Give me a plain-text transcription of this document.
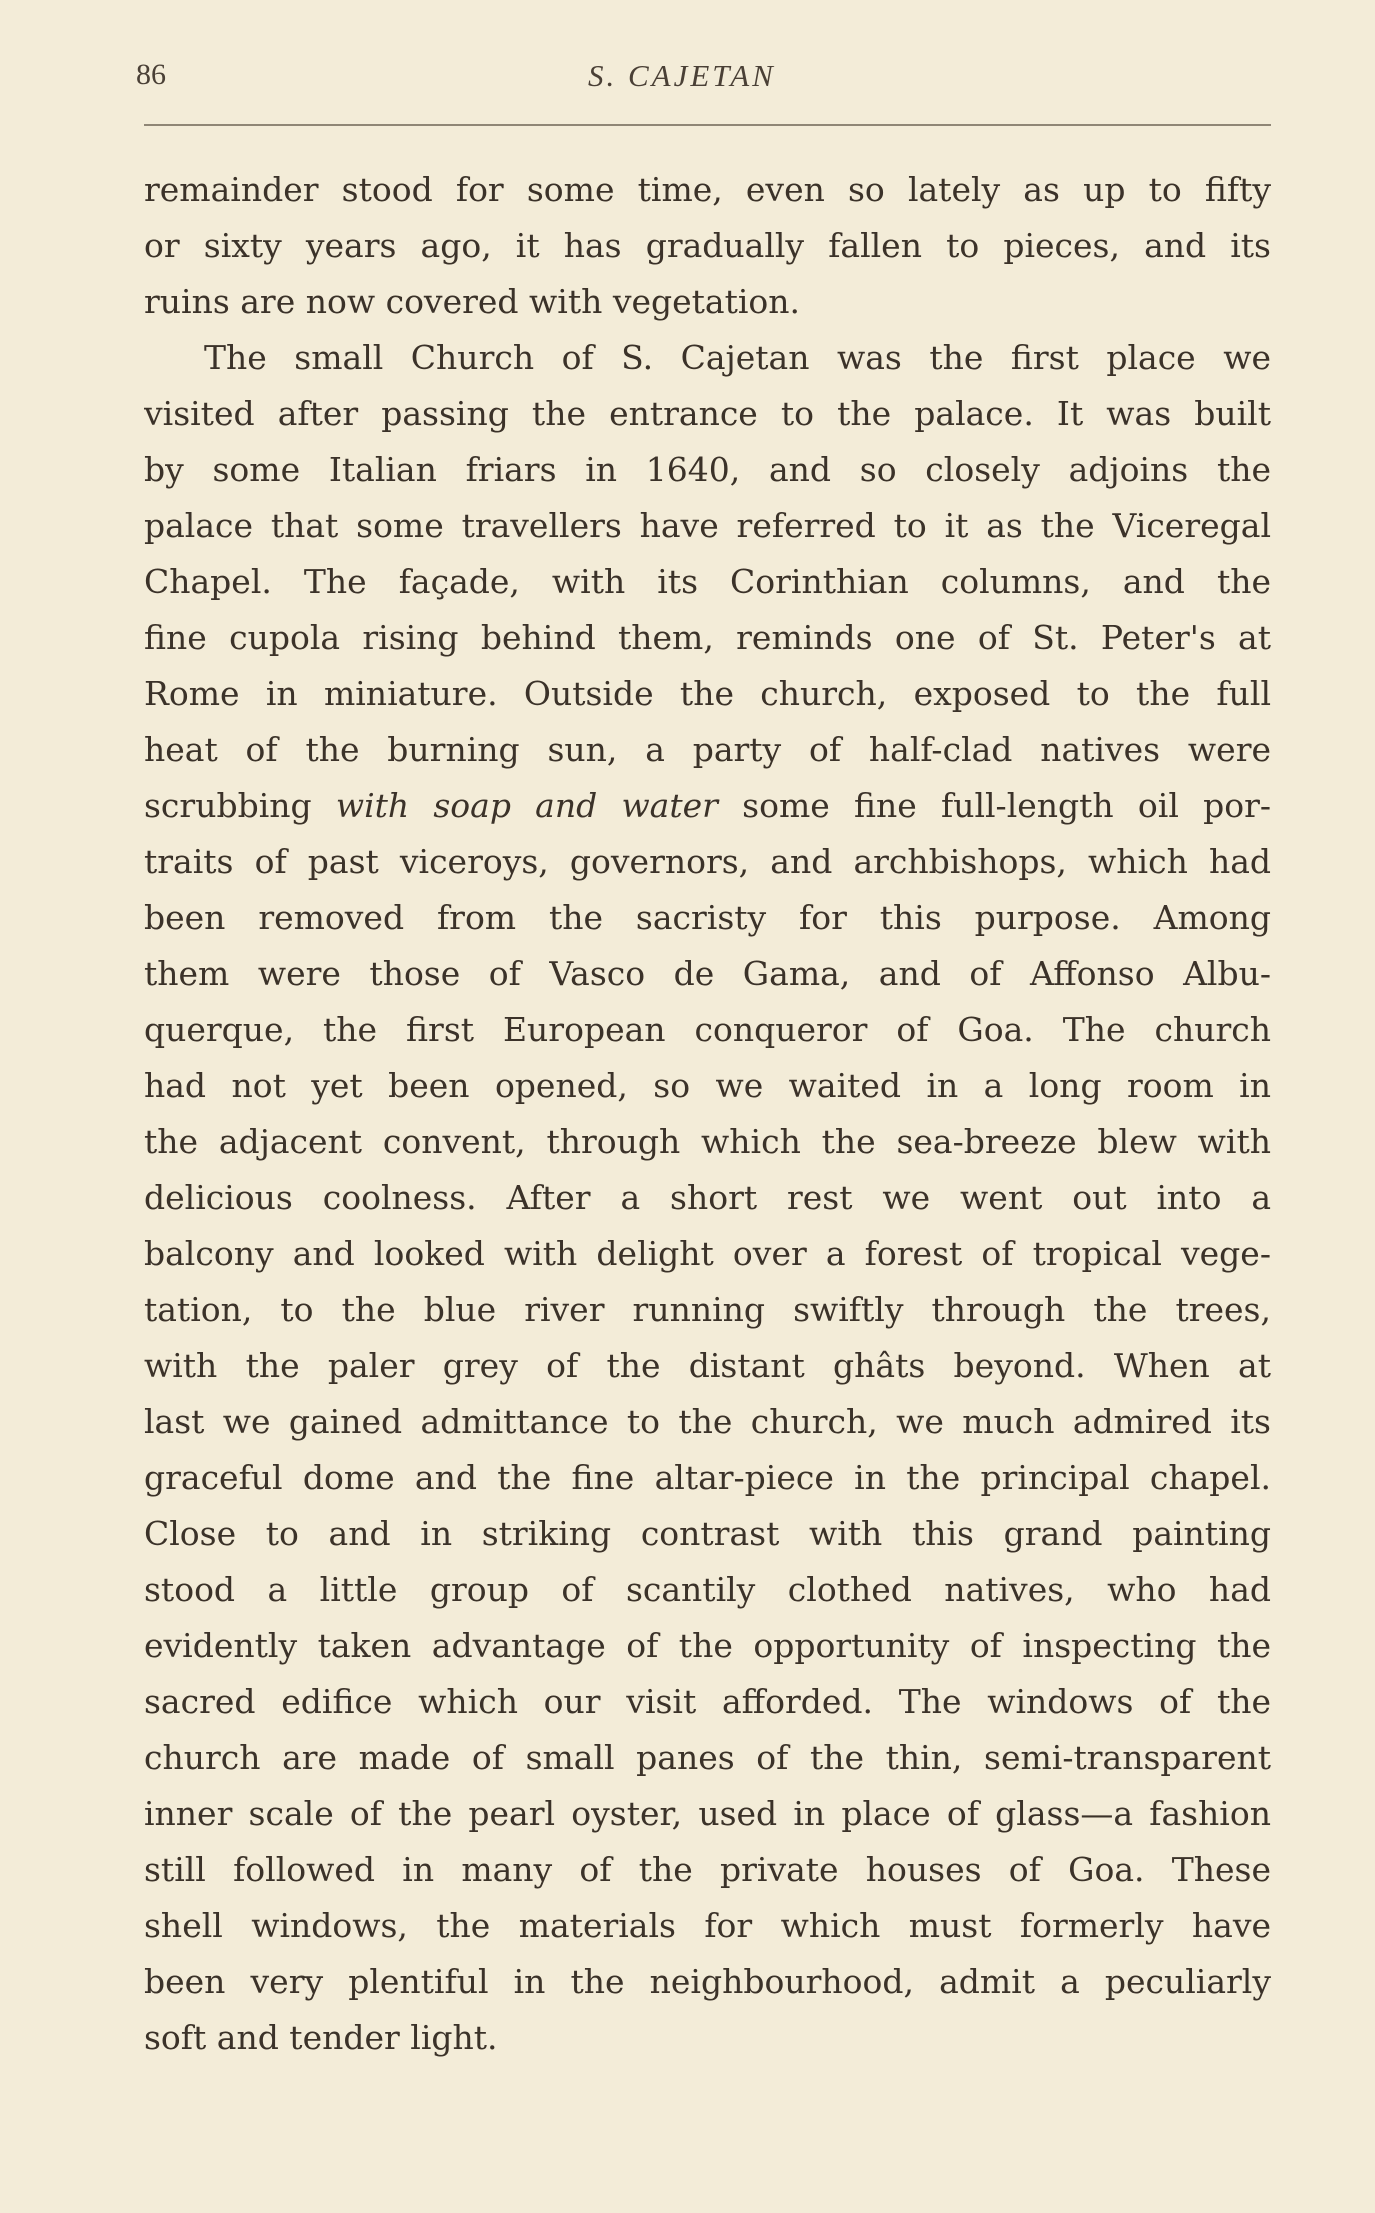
86	S. CAJETAN
remainder stood for some time, even so lately as up to fifty
or sixty years ago, it has gradually fallen to pieces, and its
ruins are now covered with vegetation.
The small Church of S. Cajetan was the first place we
visited after passing the entrance to the palace. It was built
by some Italian friars in 1640, and so closely adjoins the
palace that some travellers have referred to it as the Viceregal
Chapel. The façade, with its Corinthian columns, and the
fine cupola rising behind them, reminds one of St. Peter's at
Rome in miniature. Outside the church, exposed to the full
heat of the burning sun, a party of half-clad natives were
scrubbing with soap and water some fine full-length oil por-
traits of past viceroys, governors, and archbishops, which had
been removed from the sacristy for this purpose. Among
them were those of Vasco de Gama, and of Affonso Albu-
querque, the first European conqueror of Goa. The church
had not yet been opened, so we waited in a long room in
the adjacent convent, through which the sea-breeze blew with
delicious coolness. After a short rest we went out into a
balcony and looked with delight over a forest of tropical vege-
tation, to the blue river running swiftly through the trees,
with the paler grey of the distant ghâts beyond. When at
last we gained admittance to the church, we much admired its
graceful dome and the fine altar-piece in the principal chapel.
Close to and in striking contrast with this grand painting
stood a little group of scantily clothed natives, who had
evidently taken advantage of the opportunity of inspecting the
sacred edifice which our visit afforded. The windows of the
church are made of small panes of the thin, semi-transparent
inner scale of the pearl oyster, used in place of glass—a fashion
still followed in many of the private houses of Goa. These
shell windows, the materials for which must formerly have
been very plentiful in the neighbourhood, admit a peculiarly
soft and tender light.
